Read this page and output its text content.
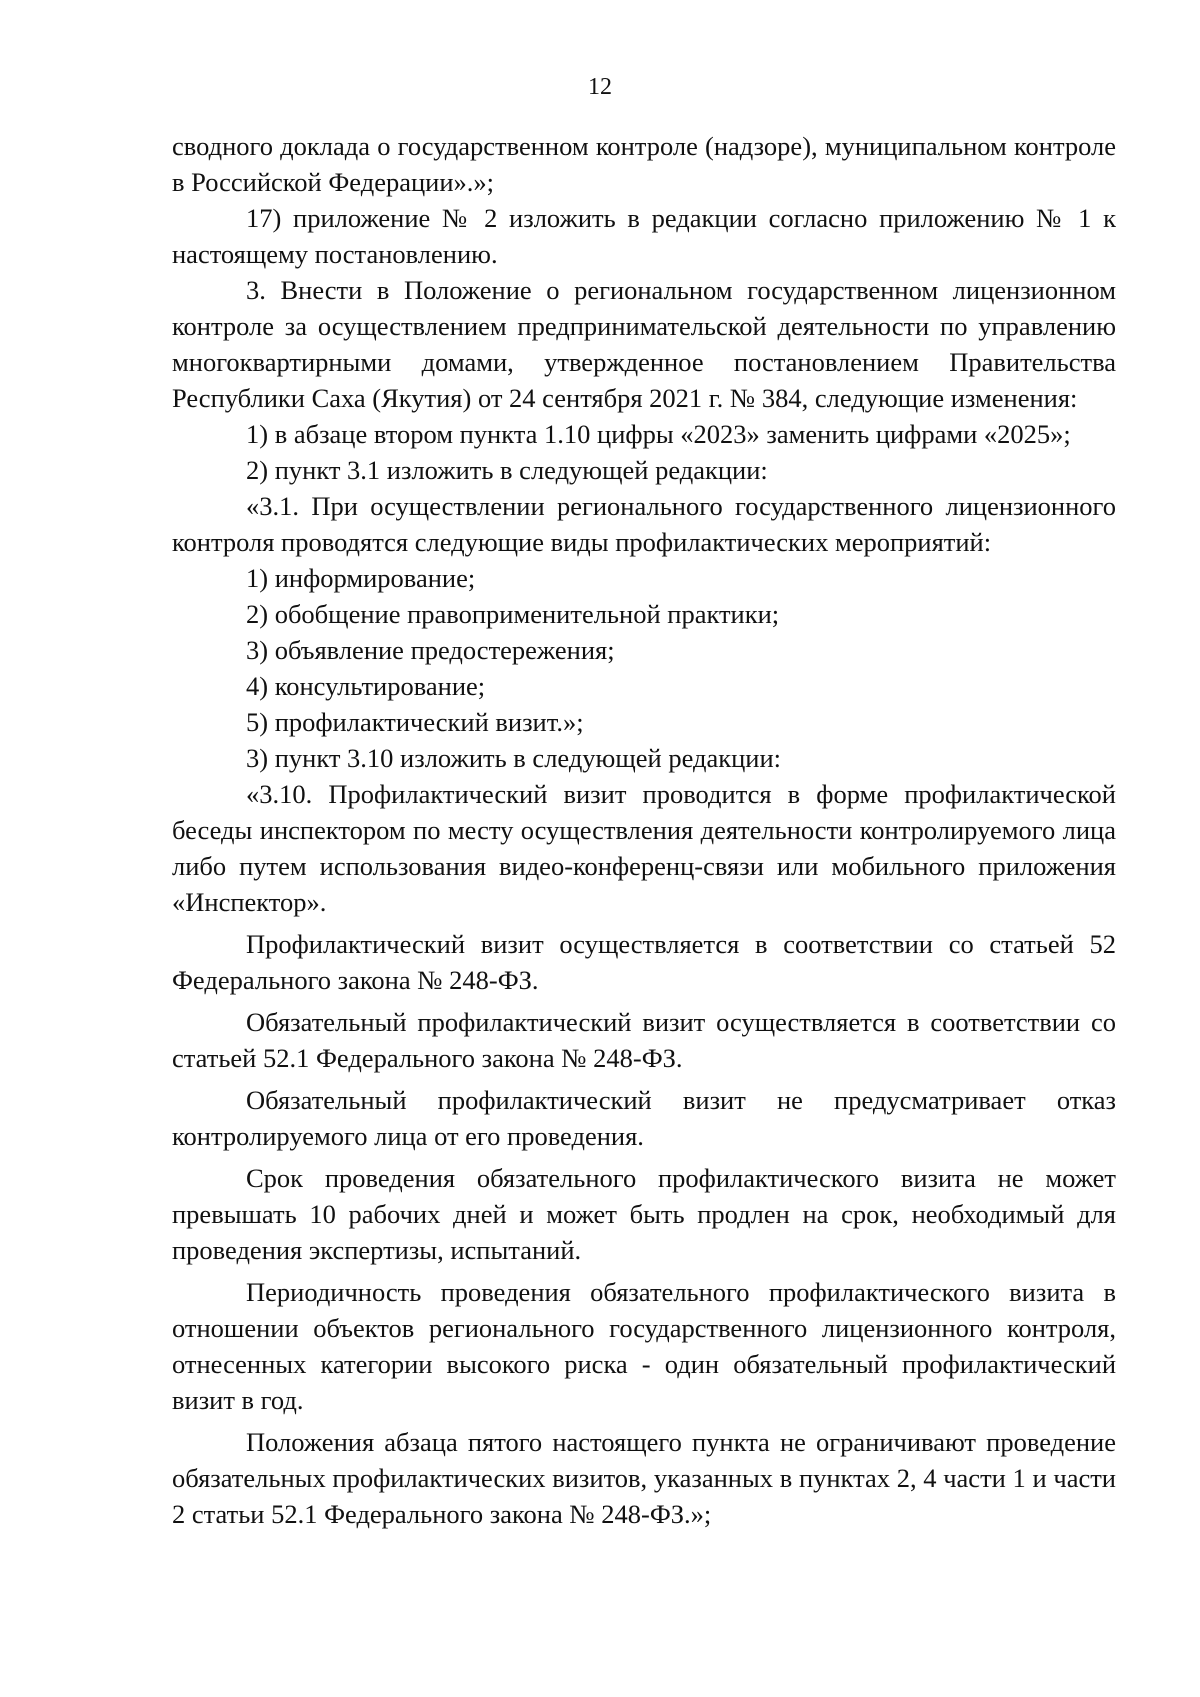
12

сводного доклада о государственном контроле (надзоре), муниципальном контроле в Российской Федерации».»;

17) приложение № 2 изложить в редакции согласно приложению № 1 к настоящему постановлению.

3. Внести в Положение о региональном государственном лицензионном контроле за осуществлением предпринимательской деятельности по управлению многоквартирными домами, утвержденное постановлением Правительства Республики Саха (Якутия) от 24 сентября 2021 г. № 384, следующие изменения:

1) в абзаце втором пункта 1.10 цифры «2023» заменить цифрами «2025»;

2) пункт 3.1 изложить в следующей редакции:

«3.1. При осуществлении регионального государственного лицензионного контроля проводятся следующие виды профилактических мероприятий:

1) информирование;

2) обобщение правоприменительной практики;

3) объявление предостережения;

4) консультирование;

5) профилактический визит.»;

3) пункт 3.10 изложить в следующей редакции:

«3.10. Профилактический визит проводится в форме профилактической беседы инспектором по месту осуществления деятельности контролируемого лица либо путем использования видео-конференц-связи или мобильного приложения «Инспектор».

Профилактический визит осуществляется в соответствии со статьей 52 Федерального закона № 248-ФЗ.

Обязательный профилактический визит осуществляется в соответствии со статьей 52.1 Федерального закона № 248-ФЗ.

Обязательный профилактический визит не предусматривает отказ контролируемого лица от его проведения.

Срок проведения обязательного профилактического визита не может превышать 10 рабочих дней и может быть продлен на срок, необходимый для проведения экспертизы, испытаний.

Периодичность проведения обязательного профилактического визита в отношении объектов регионального государственного лицензионного контроля, отнесенных категории высокого риска - один обязательный профилактический визит в год.

Положения абзаца пятого настоящего пункта не ограничивают проведение обязательных профилактических визитов, указанных в пунктах 2, 4 части 1 и части 2 статьи 52.1 Федерального закона № 248-ФЗ.»;
